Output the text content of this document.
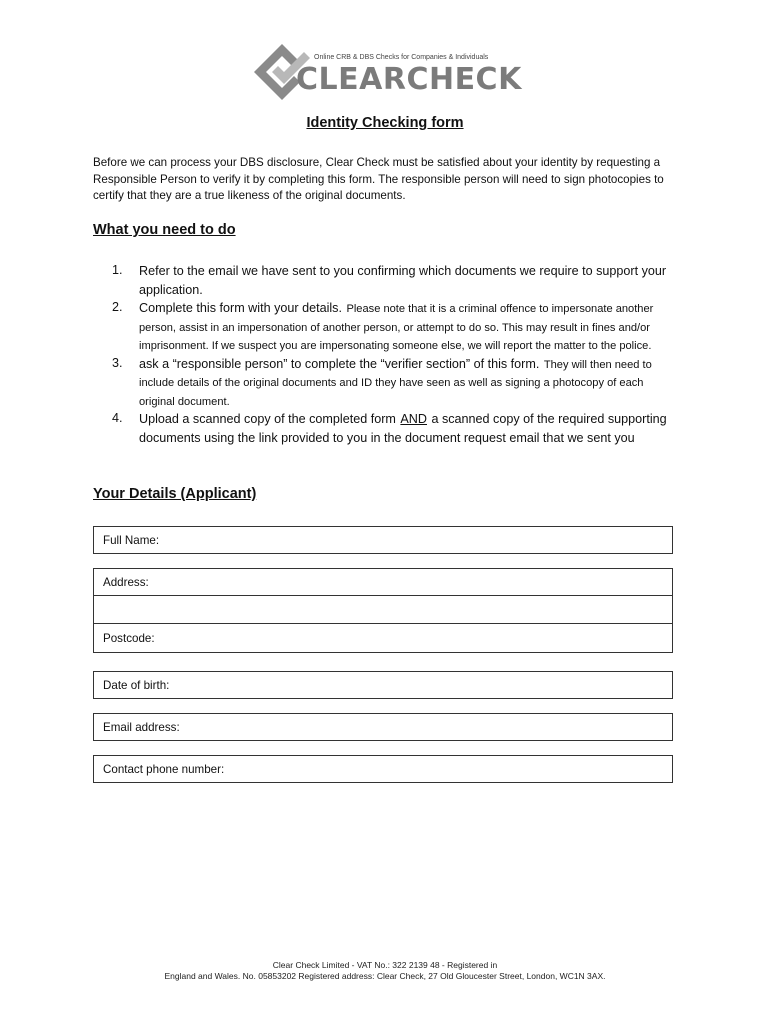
Online CRB & DBS Checks for Companies & Individuals
CLEARCHECK
Identity Checking form
Before we can process your DBS disclosure, Clear Check must be satisfied about your identity by requesting a Responsible Person to verify it by completing this form. The responsible person will need to sign photocopies to certify that they are a true likeness of the original documents.
What you need to do
1. Refer to the email we have sent to you confirming which documents we require to support your application.
2. Complete this form with your details. Please note that it is a criminal offence to impersonate another person, assist in an impersonation of another person, or attempt to do so. This may result in fines and/or imprisonment. If we suspect you are impersonating someone else, we will report the matter to the police.
3. ask a “responsible person” to complete the “verifier section” of this form. They will then need to include details of the original documents and ID they have seen as well as signing a photocopy of each original document.
4. Upload a scanned copy of the completed form AND a scanned copy of the required supporting documents using the link provided to you in the document request email that we sent you
Your Details (Applicant)
Full Name:
Address:
Postcode:
Date of birth:
Email address:
Contact phone number:
Clear Check Limited - VAT No.: 322 2139 48 - Registered in
England and Wales. No. 05853202 Registered address: Clear Check, 27 Old Gloucester Street, London, WC1N 3AX.
